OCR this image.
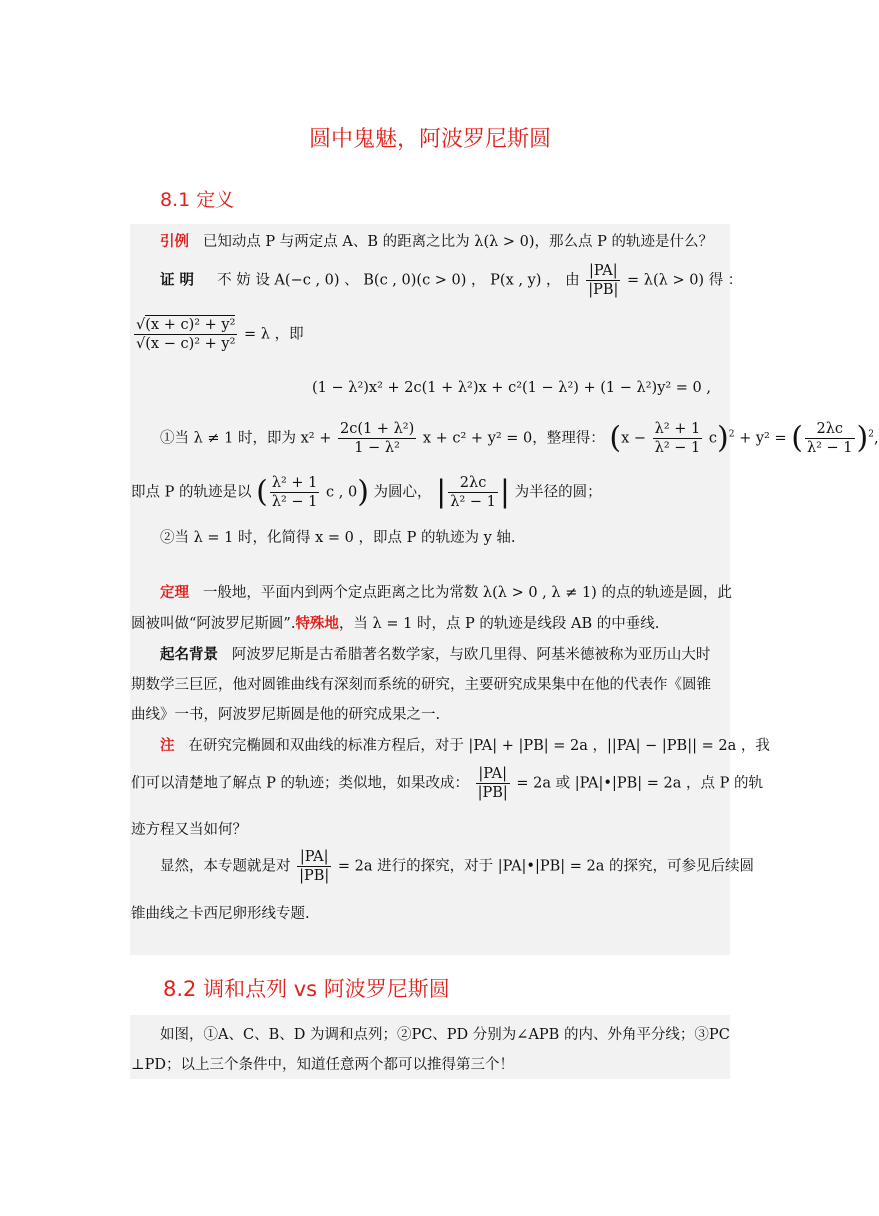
圆中鬼魅，阿波罗尼斯圆
8.1 定义
引例 已知动点 P 与两定点 A、B 的距离之比为 λ(λ > 0)，那么点 P 的轨迹是什么？
证 明 不 妨 设 A(−c , 0) 、 B(c , 0)(c > 0) ， P(x , y) ， 由 $\frac{|PA|}{|PB|} = \lambda(\lambda > 0)$ 得 ：
$\frac{\text{√(x + c)² + y²}}{\text{√(x − c)² + y²}} = \lambda$ ，即
(1 − λ²)x² + 2c(1 + λ²)x + c²(1 − λ²) + (1 − λ²)y² = 0 ,
①当 λ ≠ 1 时，即为 $x^2 + \frac{\text{2c(1 + λ²)}}{\text{1 − λ²}}$ x + c² + y² = 0，整理得： $(x - \frac{\text{λ² + 1}}{\text{λ² − 1}} c)^2 + y^2$ = ( $\frac{2\lambda c}{\text{λ² − 1}} )^2$,
即点 P 的轨迹是以 ( $\frac{\text{λ² + 1}}{\text{λ² − 1}}$ c , 0) 为圆心， | $\frac{2\lambda c}{\text{λ² − 1}}$ | 为半径的圆；
②当 λ = 1 时，化简得 x = 0 ，即点 P 的轨迹为 y 轴.
定理 一般地，平面内到两个定点距离之比为常数 λ(λ > 0 , λ ≠ 1) 的点的轨迹是圆，此
圆被叫做“阿波罗尼斯圆”.特殊地，当 λ = 1 时，点 P 的轨迹是线段 AB 的中垂线.
起名背景 阿波罗尼斯是古希腊著名数学家，与欧几里得、阿基米德被称为亚历山大时
期数学三巨匠，他对圆锥曲线有深刻而系统的研究，主要研究成果集中在他的代表作《圆锥
曲线》一书，阿波罗尼斯圆是他的研究成果之一.
注 在研究完椭圆和双曲线的标准方程后，对于 |PA| + |PB| = 2a ，||PA| − |PB|| = 2a ，我
们可以清楚地了解点 P 的轨迹；类似地，如果改成： $\frac{|PA|}{|PB|} = 2a$ 或 |PA|•|PB| = 2a ，点 P 的轨
迹方程又当如何？
显然，本专题就是对 $\frac{|PA|}{|PB|} = 2a$ 进行的探究，对于 |PA|•|PB| = 2a 的探究，可参见后续圆
锥曲线之卡西尼卵形线专题.
8.2 调和点列 vs 阿波罗尼斯圆
如图，①A、C、B、D 为调和点列；②PC、PD 分别为∠APB 的内、外角平分线；③PC
⊥PD；以上三个条件中，知道任意两个都可以推得第三个！
